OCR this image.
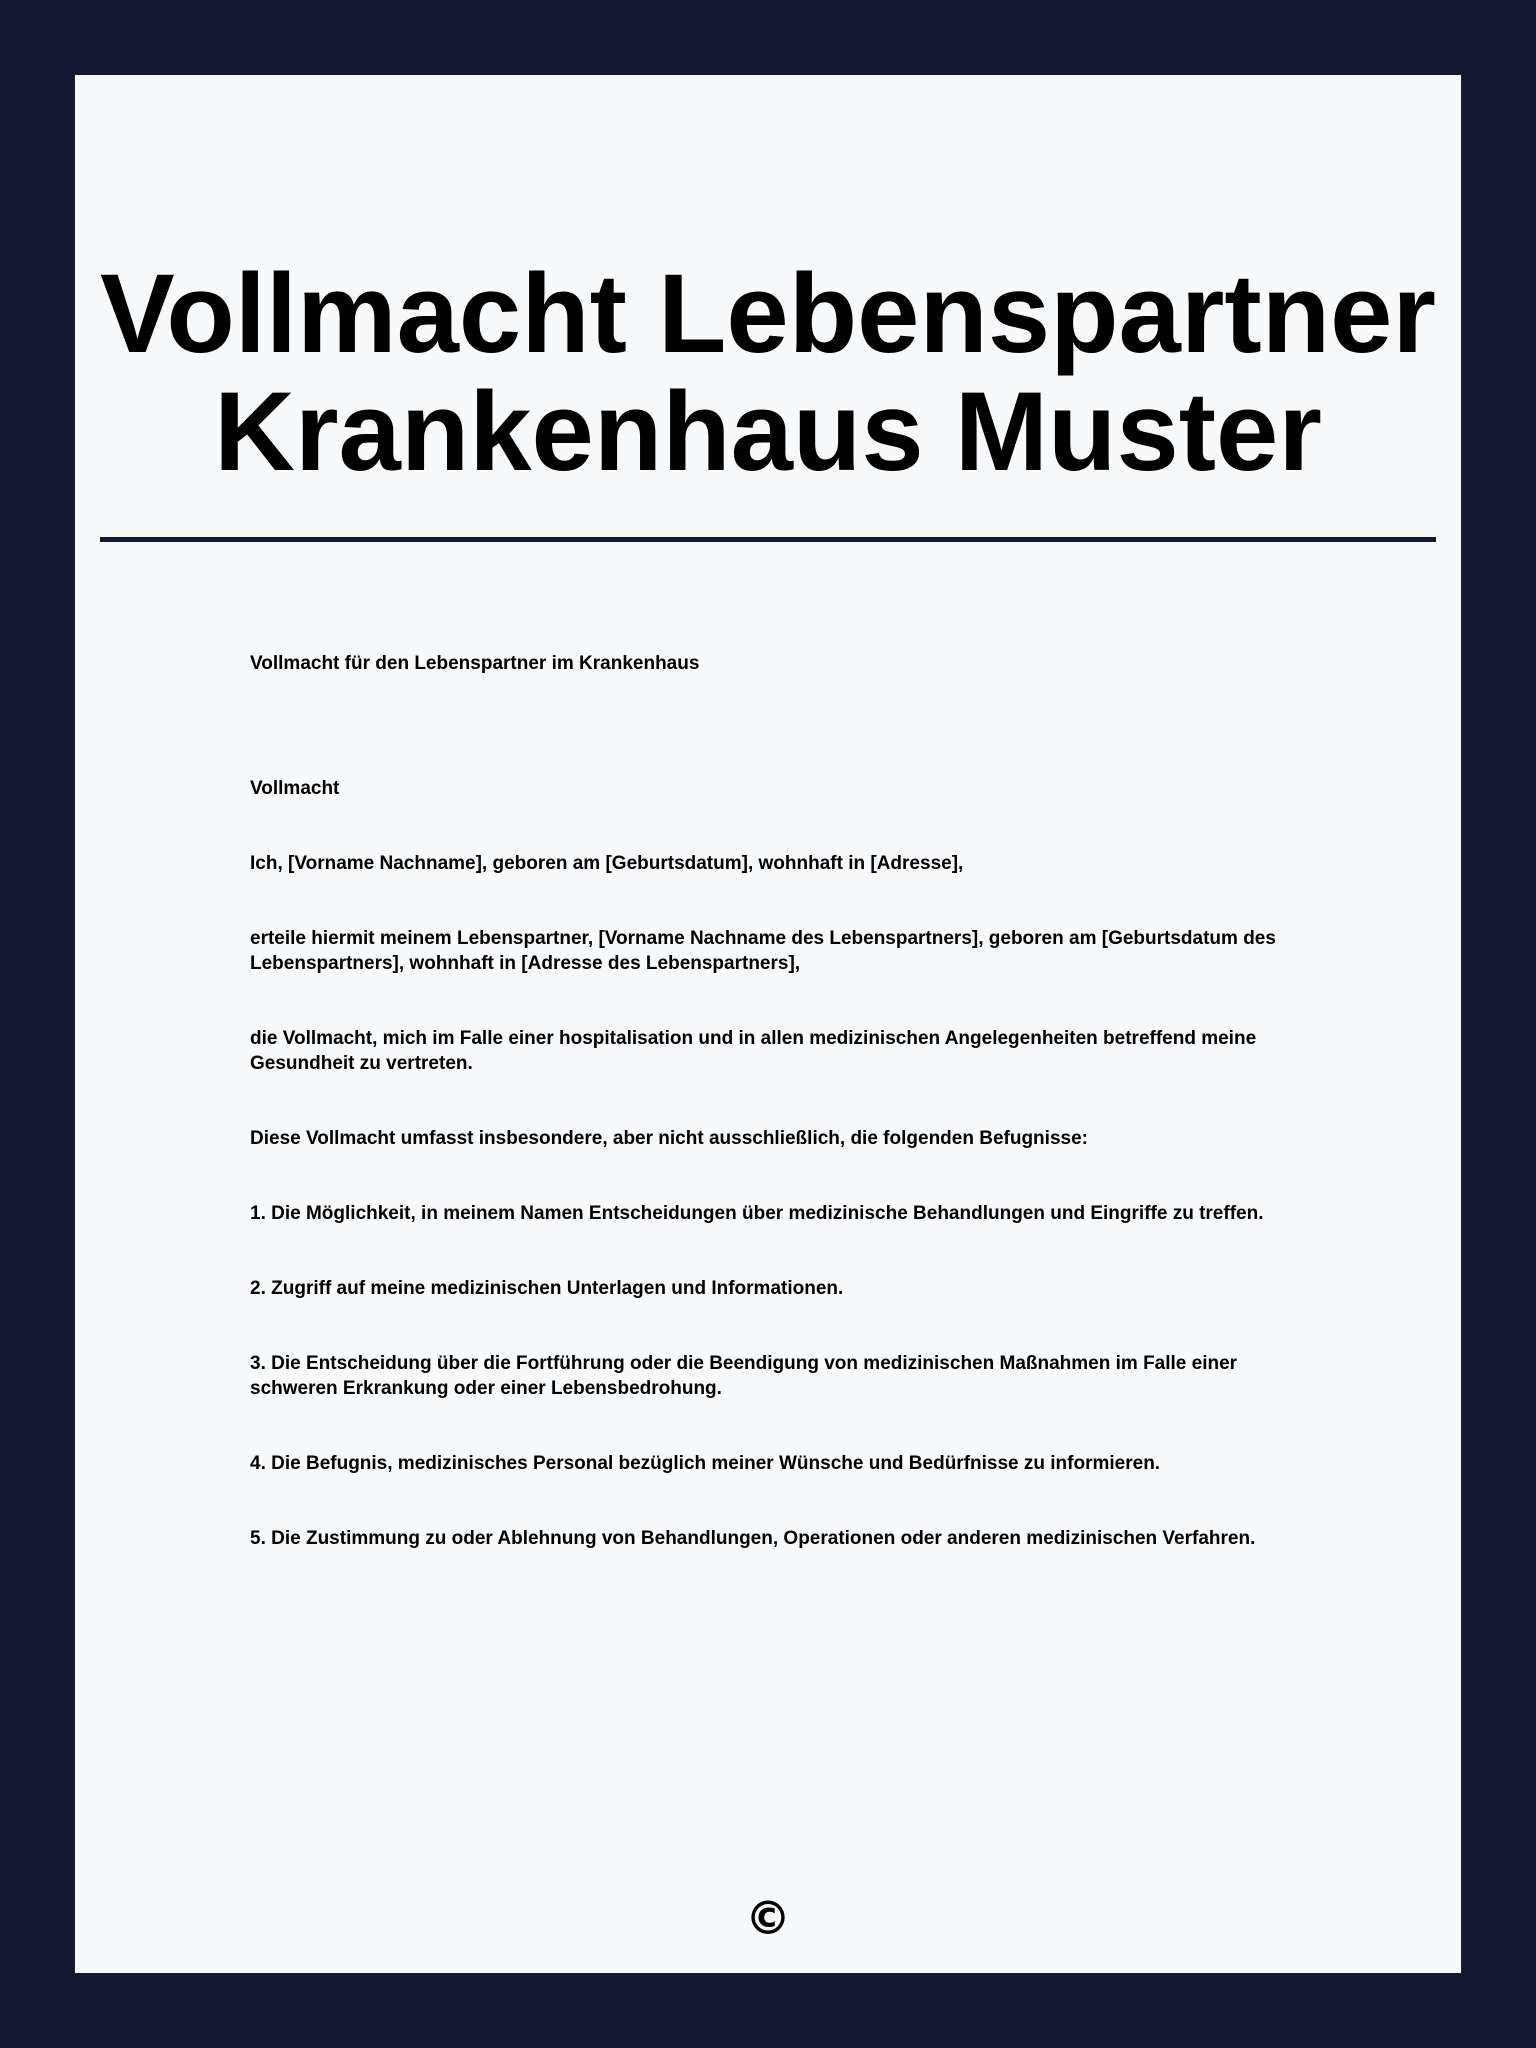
Vollmacht Lebenspartner
Krankenhaus Muster

Vollmacht für den Lebenspartner im Krankenhaus

Vollmacht

Ich, [Vorname Nachname], geboren am [Geburtsdatum], wohnhaft in [Adresse],

erteile hiermit meinem Lebenspartner, [Vorname Nachname des Lebenspartners], geboren am [Geburtsdatum des Lebenspartners], wohnhaft in [Adresse des Lebenspartners],

die Vollmacht, mich im Falle einer hospitalisation und in allen medizinischen Angelegenheiten betreffend meine Gesundheit zu vertreten.

Diese Vollmacht umfasst insbesondere, aber nicht ausschließlich, die folgenden Befugnisse:

1. Die Möglichkeit, in meinem Namen Entscheidungen über medizinische Behandlungen und Eingriffe zu treffen.

2. Zugriff auf meine medizinischen Unterlagen und Informationen.

3. Die Entscheidung über die Fortführung oder die Beendigung von medizinischen Maßnahmen im Falle einer schweren Erkrankung oder einer Lebensbedrohung.

4. Die Befugnis, medizinisches Personal bezüglich meiner Wünsche und Bedürfnisse zu informieren.

5. Die Zustimmung zu oder Ablehnung von Behandlungen, Operationen oder anderen medizinischen Verfahren.

©
